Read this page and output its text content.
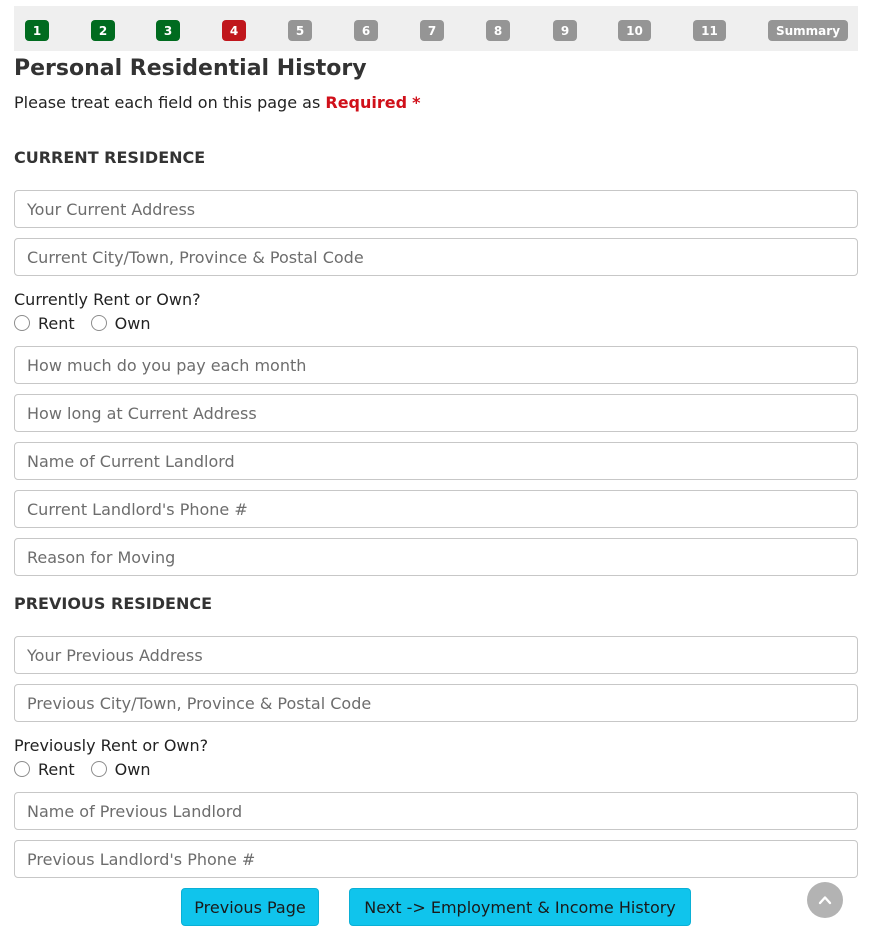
1	2	3	4	5	6	7	8	9	10	11	Summary
Personal Residential History
Please treat each field on this page as Required *
CURRENT RESIDENCE
Your Current Address
Current City/Town, Province & Postal Code
Currently Rent or Own?
Rent	Own
How much do you pay each month
How long at Current Address
Name of Current Landlord
Current Landlord's Phone #
Reason for Moving
PREVIOUS RESIDENCE
Your Previous Address
Previous City/Town, Province & Postal Code
Previously Rent or Own?
Rent	Own
Name of Previous Landlord
Previous Landlord's Phone #
Previous Page	Next -> Employment & Income History
